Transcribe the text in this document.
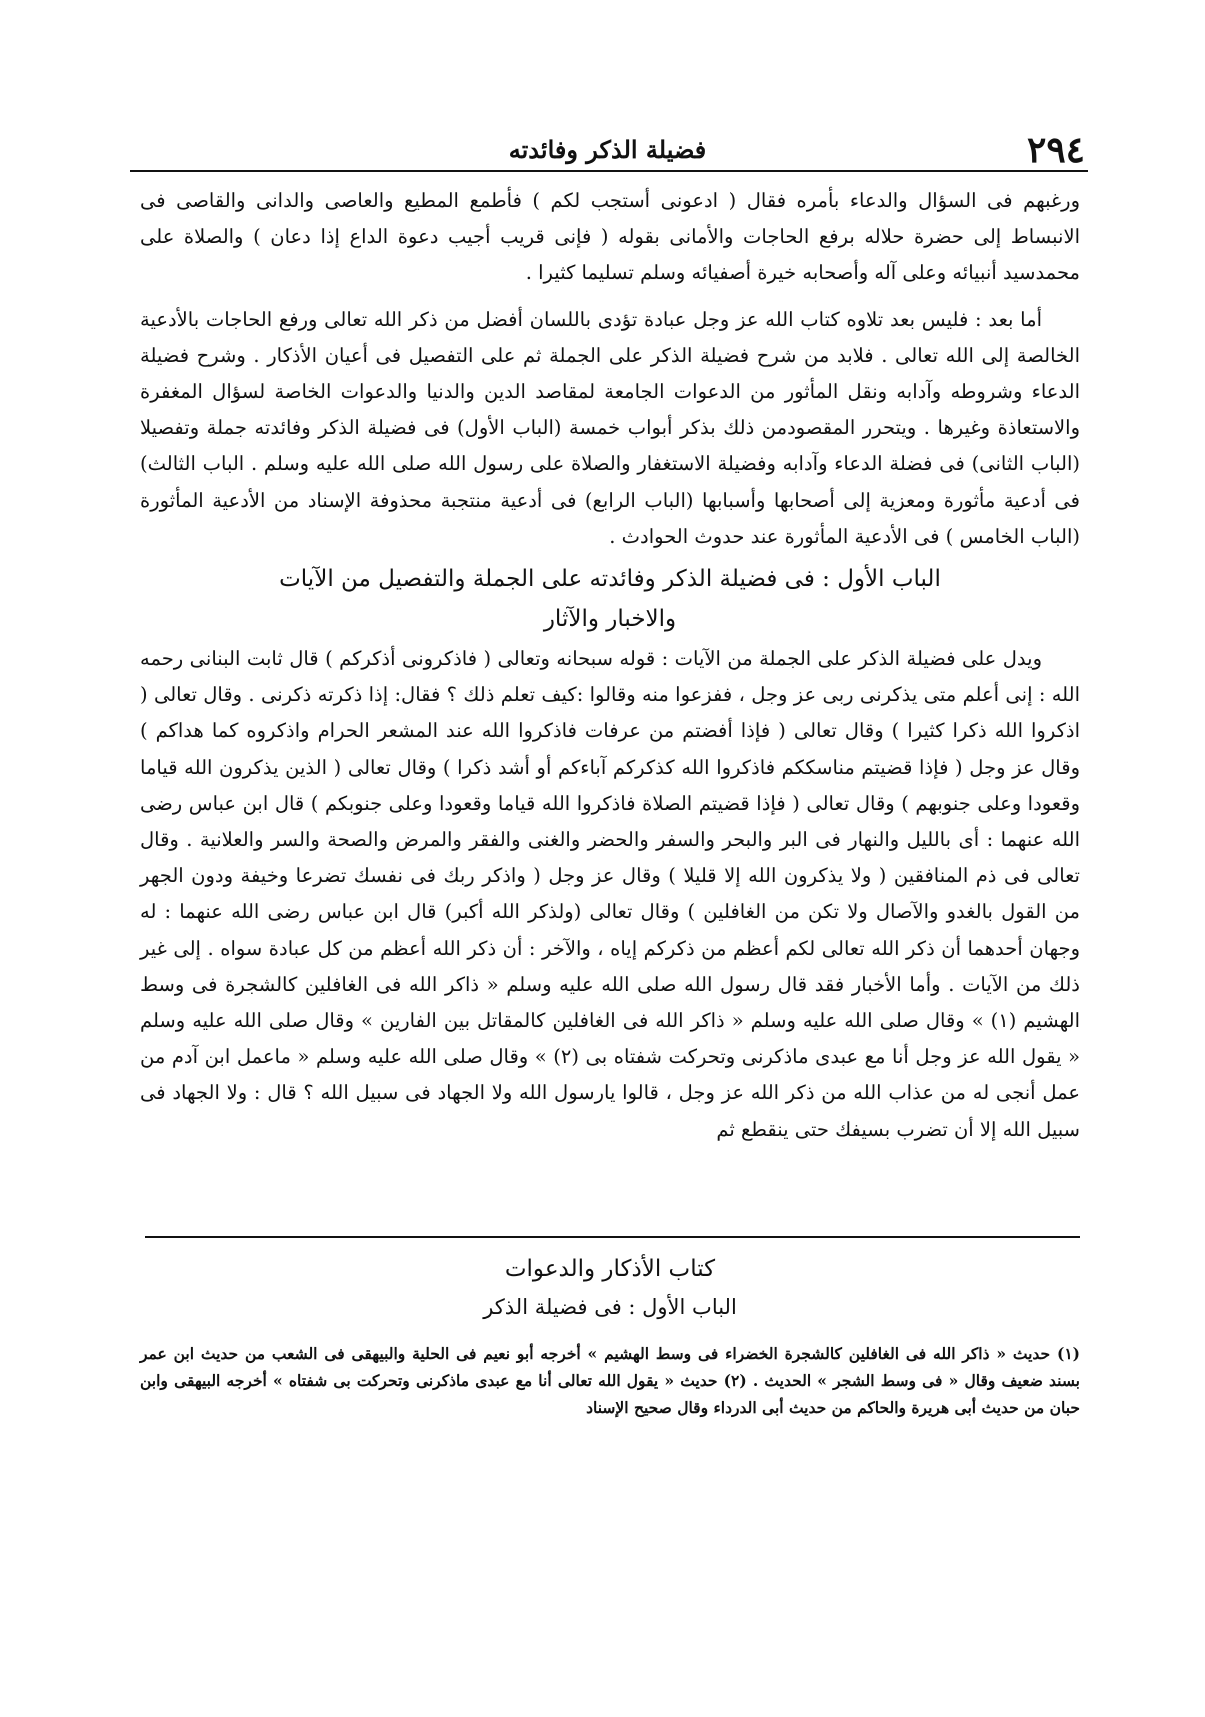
٢٩٤
فضيلة الذكر وفائدته

ورغبهم فى السؤال والدعاء بأمره فقال ( ادعونى أستجب لكم ) فأطمع المطيع والعاصى والدانى والقاصى فى الانبساط إلى حضرة حلاله برفع الحاجات والأمانى بقوله ( فإنى قريب أجيب دعوة الداع إذا دعان ) والصلاة على محمدسيد أنبيائه وعلى آله وأصحابه خيرة أصفيائه وسلم تسليما كثيرا .

أما بعد : فليس بعد تلاوه كتاب الله عز وجل عبادة تؤدى باللسان أفضل من ذكر الله تعالى ورفع الحاجات بالأدعية الخالصة إلى الله تعالى . فلابد من شرح فضيلة الذكر على الجملة ثم على التفصيل فى أعيان الأذكار . وشرح فضيلة الدعاء وشروطه وآدابه ونقل المأثور من الدعوات الجامعة لمقاصد الدين والدنيا والدعوات الخاصة لسؤال المغفرة والاستعاذة وغيرها . ويتحرر المقصودمن ذلك بذكر أبواب خمسة (الباب الأول) فى فضيلة الذكر وفائدته جملة وتفصيلا (الباب الثانى) فى فضلة الدعاء وآدابه وفضيلة الاستغفار والصلاة على رسول الله صلى الله عليه وسلم . الباب الثالث) فى أدعية مأثورة ومعزية إلى أصحابها وأسبابها (الباب الرابع) فى أدعية منتجبة محذوفة الإسناد من الأدعية المأثورة (الباب الخامس ) فى الأدعية المأثورة عند حدوث الحوادث .

الباب الأول : فى فضيلة الذكر وفائدته على الجملة والتفصيل من الآيات
والاخبار والآثار

ويدل على فضيلة الذكر على الجملة من الآيات : قوله سبحانه وتعالى ( فاذكرونى أذكركم ) قال ثابت البنانى رحمه الله : إنى أعلم متى يذكرنى ربى عز وجل ، ففزعوا منه وقالوا :كيف تعلم ذلك ؟ فقال: إذا ذكرته ذكرنى . وقال تعالى ( اذكروا الله ذكرا كثيرا ) وقال تعالى ( فإذا أفضتم من عرفات فاذكروا الله عند المشعر الحرام واذكروه كما هداكم ) وقال عز وجل ( فإذا قضيتم مناسككم فاذكروا الله كذكركم آباءكم أو أشد ذكرا ) وقال تعالى ( الذين يذكرون الله قياما وقعودا وعلى جنوبهم ) وقال تعالى ( فإذا قضيتم الصلاة فاذكروا الله قياما وقعودا وعلى جنوبكم ) قال ابن عباس رضى الله عنهما : أى بالليل والنهار فى البر والبحر والسفر والحضر والغنى والفقر والمرض والصحة والسر والعلانية . وقال تعالى فى ذم المنافقين ( ولا يذكرون الله إلا قليلا ) وقال عز وجل ( واذكر ربك فى نفسك تضرعا وخيفة ودون الجهر من القول بالغدو والآصال ولا تكن من الغافلين ) وقال تعالى (ولذكر الله أكبر) قال ابن عباس رضى الله عنهما : له وجهان أحدهما أن ذكر الله تعالى لكم أعظم من ذكركم إياه ، والآخر : أن ذكر الله أعظم من كل عبادة سواه . إلى غير ذلك من الآيات . وأما الأخبار فقد قال رسول الله صلى الله عليه وسلم « ذاكر الله فى الغافلين كالشجرة فى وسط الهشيم (١) » وقال صلى الله عليه وسلم « ذاكر الله فى الغافلين كالمقاتل بين الفارين » وقال صلى الله عليه وسلم « يقول الله عز وجل أنا مع عبدى ماذكرنى وتحركت شفتاه بى (٢) » وقال صلى الله عليه وسلم « ماعمل ابن آدم من عمل أنجى له من عذاب الله من ذكر الله عز وجل ، قالوا يارسول الله ولا الجهاد فى سبيل الله ؟ قال : ولا الجهاد فى سبيل الله إلا أن تضرب بسيفك حتى ينقطع ثم

كتاب الأذكار والدعوات
الباب الأول : فى فضيلة الذكر

(١) حديث « ذاكر الله فى الغافلين كالشجرة الخضراء فى وسط الهشيم » أخرجه أبو نعيم فى الحلية والبيهقى فى الشعب من حديث ابن عمر بسند ضعيف وقال « فى وسط الشجر » الحديث . (٢) حديث « يقول الله تعالى أنا مع عبدى ماذكرنى وتحركت بى شفتاه » أخرجه البيهقى وابن حبان من حديث أبى هريرة والحاكم من حديث أبى الدرداء وقال صحيح الإسناد
